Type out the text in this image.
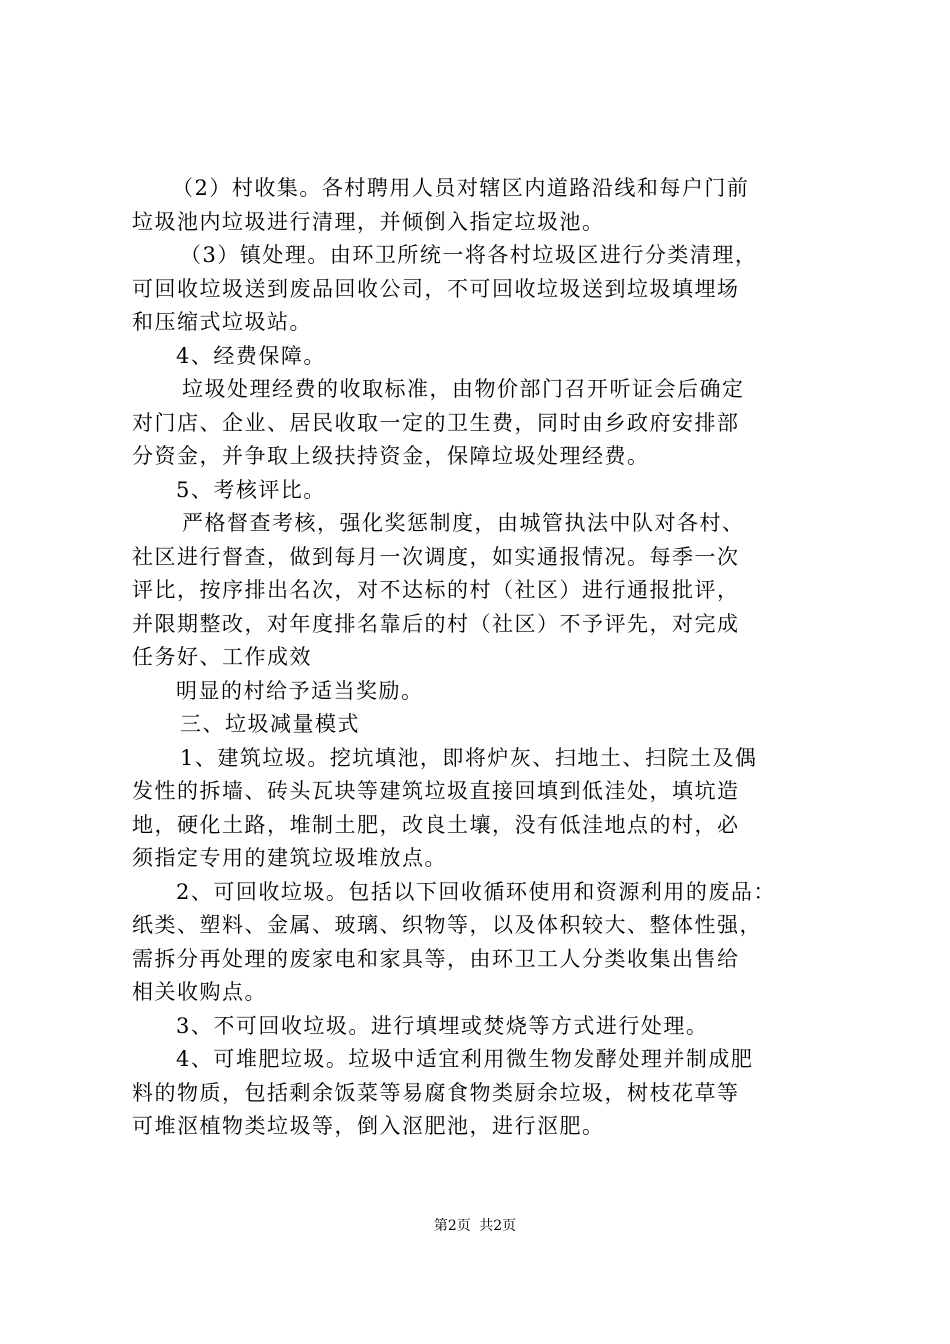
（2）村收集。各村聘用人员对辖区内道路沿线和每户门前
垃圾池内垃圾进行清理，并倾倒入指定垃圾池。
（3）镇处理。由环卫所统一将各村垃圾区进行分类清理，
可回收垃圾送到废品回收公司，不可回收垃圾送到垃圾填埋场
和压缩式垃圾站。
4、经费保障。
垃圾处理经费的收取标准，由物价部门召开听证会后确定
对门店、企业、居民收取一定的卫生费，同时由乡政府安排部
分资金，并争取上级扶持资金，保障垃圾处理经费。
5、考核评比。
严格督查考核，强化奖惩制度，由城管执法中队对各村、
社区进行督查，做到每月一次调度，如实通报情况。每季一次
评比，按序排出名次，对不达标的村（社区）进行通报批评，
并限期整改，对年度排名靠后的村（社区）不予评先，对完成
任务好、工作成效
明显的村给予适当奖励。
三、垃圾减量模式
1、建筑垃圾。挖坑填池，即将炉灰、扫地土、扫院土及偶
发性的拆墙、砖头瓦块等建筑垃圾直接回填到低洼处，填坑造
地，硬化土路，堆制土肥，改良土壤，没有低洼地点的村，必
须指定专用的建筑垃圾堆放点。
2、可回收垃圾。包括以下回收循环使用和资源利用的废品：
纸类、塑料、金属、玻璃、织物等，以及体积较大、整体性强，
需拆分再处理的废家电和家具等，由环卫工人分类收集出售给
相关收购点。
3、不可回收垃圾。进行填埋或焚烧等方式进行处理。
4、可堆肥垃圾。垃圾中适宜利用微生物发酵处理并制成肥
料的物质，包括剩余饭菜等易腐食物类厨余垃圾，树枝花草等
可堆沤植物类垃圾等，倒入沤肥池，进行沤肥。
第2页 共2页
